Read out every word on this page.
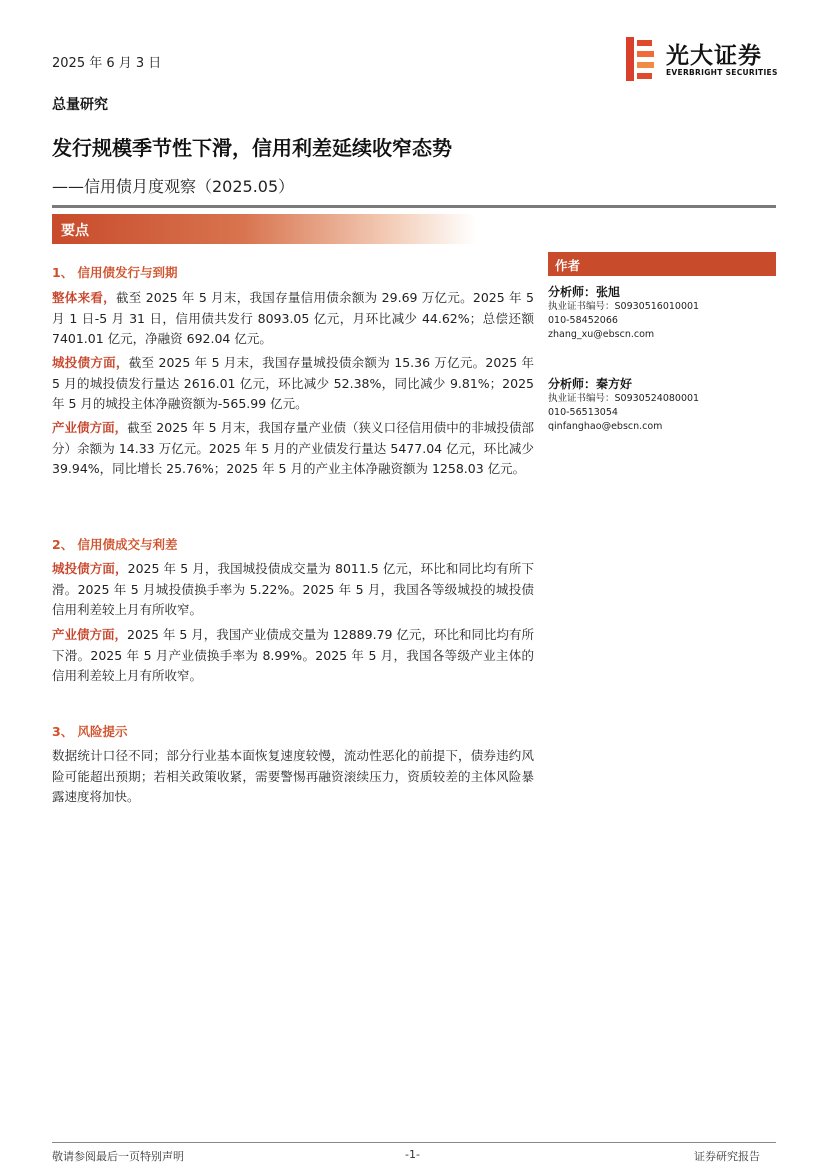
2025 年 6 月 3 日	光大证券
EVERBRIGHT SECURITIES
总量研究
发行规模季节性下滑，信用利差延续收窄态势
——信用债月度观察（2025.05）
要点
1、 信用债发行与到期
整体来看，截至 2025 年 5 月末，我国存量信用债余额为 29.69 万亿元。2025 年 5 月 1 日-5 月 31 日，信用债共发行 8093.05 亿元，月环比减少 44.62%；总偿还额 7401.01 亿元，净融资 692.04 亿元。
城投债方面，截至 2025 年 5 月末，我国存量城投债余额为 15.36 万亿元。2025 年 5 月的城投债发行量达 2616.01 亿元，环比减少 52.38%，同比减少 9.81%；2025 年 5 月的城投主体净融资额为-565.99 亿元。
产业债方面，截至 2025 年 5 月末，我国存量产业债（狭义口径信用债中的非城投债部分）余额为 14.33 万亿元。2025 年 5 月的产业债发行量达 5477.04 亿元，环比减少 39.94%，同比增长 25.76%；2025 年 5 月的产业主体净融资额为 1258.03 亿元。
2、 信用债成交与利差
城投债方面，2025 年 5 月，我国城投债成交量为 8011.5 亿元，环比和同比均有所下滑。2025 年 5 月城投债换手率为 5.22%。2025 年 5 月，我国各等级城投的城投债信用利差较上月有所收窄。
产业债方面，2025 年 5 月，我国产业债成交量为 12889.79 亿元，环比和同比均有所下滑。2025 年 5 月产业债换手率为 8.99%。2025 年 5 月，我国各等级产业主体的信用利差较上月有所收窄。
3、 风险提示
数据统计口径不同；部分行业基本面恢复速度较慢，流动性恶化的前提下，债券违约风险可能超出预期；若相关政策收紧，需要警惕再融资滚续压力，资质较差的主体风险暴露速度将加快。
作者
分析师：张旭
执业证书编号：S0930516010001
010-58452066
zhang_xu@ebscn.com
分析师：秦方好
执业证书编号：S0930524080001
010-56513054
qinfanghao@ebscn.com
敬请参阅最后一页特别声明	-1-	证券研究报告
